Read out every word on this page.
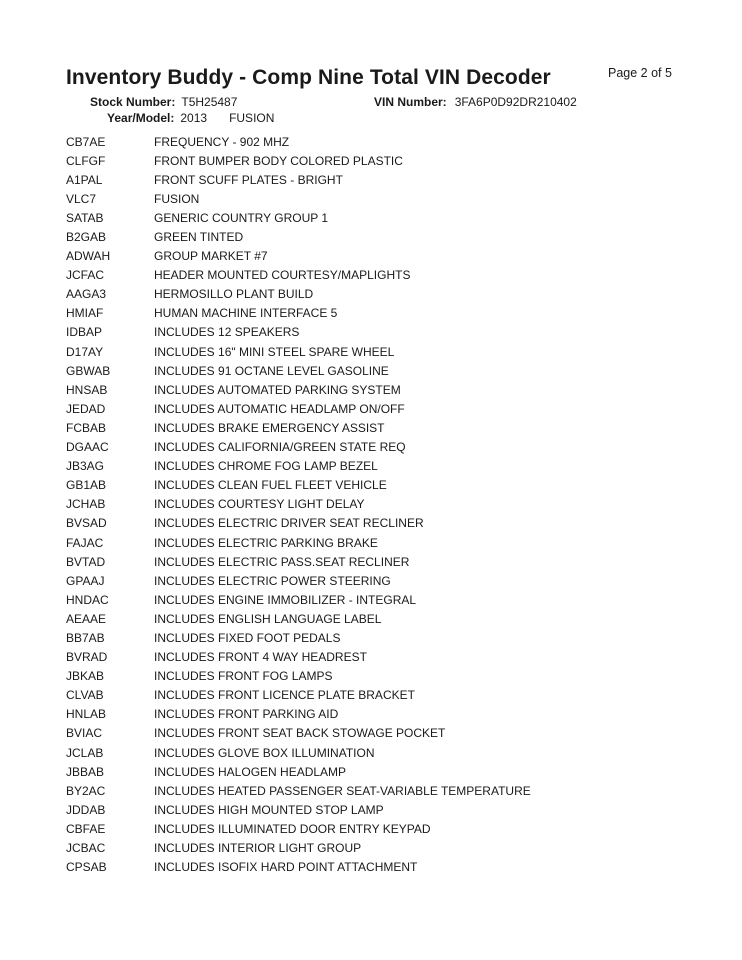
Inventory Buddy - Comp Nine Total VIN Decoder	Page 2 of 5
Stock Number: T5H25487	VIN Number: 3FA6P0D92DR210402
Year/Model: 2013 FUSION
CB7AE	FREQUENCY - 902 MHZ
CLFGF	FRONT BUMPER BODY COLORED PLASTIC
A1PAL	FRONT SCUFF PLATES - BRIGHT
VLC7	FUSION
SATAB	GENERIC COUNTRY GROUP 1
B2GAB	GREEN TINTED
ADWAH	GROUP MARKET #7
JCFAC	HEADER MOUNTED COURTESY/MAPLIGHTS
AAGA3	HERMOSILLO PLANT BUILD
HMIAF	HUMAN MACHINE INTERFACE 5
IDBAP	INCLUDES 12 SPEAKERS
D17AY	INCLUDES 16" MINI STEEL SPARE WHEEL
GBWAB	INCLUDES 91 OCTANE LEVEL GASOLINE
HNSAB	INCLUDES AUTOMATED PARKING SYSTEM
JEDAD	INCLUDES AUTOMATIC HEADLAMP ON/OFF
FCBAB	INCLUDES BRAKE EMERGENCY ASSIST
DGAAC	INCLUDES CALIFORNIA/GREEN STATE REQ
JB3AG	INCLUDES CHROME FOG LAMP BEZEL
GB1AB	INCLUDES CLEAN FUEL FLEET VEHICLE
JCHAB	INCLUDES COURTESY LIGHT DELAY
BVSAD	INCLUDES ELECTRIC DRIVER SEAT RECLINER
FAJAC	INCLUDES ELECTRIC PARKING BRAKE
BVTAD	INCLUDES ELECTRIC PASS.SEAT RECLINER
GPAAJ	INCLUDES ELECTRIC POWER STEERING
HNDAC	INCLUDES ENGINE IMMOBILIZER - INTEGRAL
AEAAE	INCLUDES ENGLISH LANGUAGE LABEL
BB7AB	INCLUDES FIXED FOOT PEDALS
BVRAD	INCLUDES FRONT 4 WAY HEADREST
JBKAB	INCLUDES FRONT FOG LAMPS
CLVAB	INCLUDES FRONT LICENCE PLATE BRACKET
HNLAB	INCLUDES FRONT PARKING AID
BVIAC	INCLUDES FRONT SEAT BACK STOWAGE POCKET
JCLAB	INCLUDES GLOVE BOX ILLUMINATION
JBBAB	INCLUDES HALOGEN HEADLAMP
BY2AC	INCLUDES HEATED PASSENGER SEAT-VARIABLE TEMPERATURE
JDDAB	INCLUDES HIGH MOUNTED STOP LAMP
CBFAE	INCLUDES ILLUMINATED DOOR ENTRY KEYPAD
JCBAC	INCLUDES INTERIOR LIGHT GROUP
CPSAB	INCLUDES ISOFIX HARD POINT ATTACHMENT
